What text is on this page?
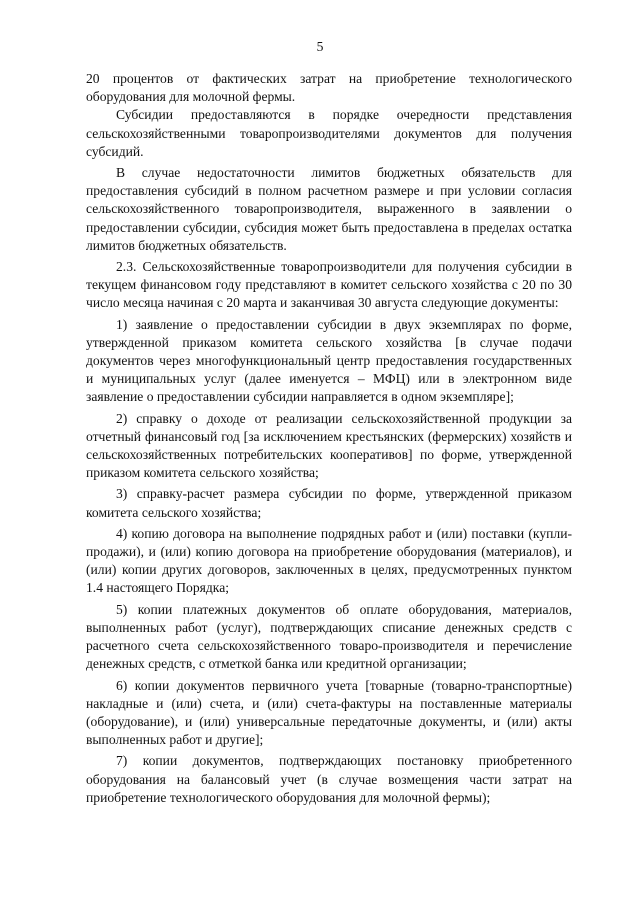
5

20 процентов от фактических затрат на приобретение технологического оборудования для молочной фермы.

Субсидии предоставляются в порядке очередности представления сельскохозяйственными товаропроизводителями документов для получения субсидий.

В случае недостаточности лимитов бюджетных обязательств для предоставления субсидий в полном расчетном размере и при условии согласия сельскохозяйственного товаропроизводителя, выраженного в заявлении о предоставлении субсидии, субсидия может быть предоставлена в пределах остатка лимитов бюджетных обязательств.

2.3. Сельскохозяйственные товаропроизводители для получения субсидии в текущем финансовом году представляют в комитет сельского хозяйства с 20 по 30 число месяца начиная с 20 марта и заканчивая 30 августа следующие документы:

1) заявление о предоставлении субсидии в двух экземплярах по форме, утвержденной приказом комитета сельского хозяйства [в случае подачи документов через многофункциональный центр предоставления государственных и муниципальных услуг (далее именуется – МФЦ) или в электронном виде заявление о предоставлении субсидии направляется в одном экземпляре];

2) справку о доходе от реализации сельскохозяйственной продукции за отчетный финансовый год [за исключением крестьянских (фермерских) хозяйств и сельскохозяйственных потребительских кооперативов] по форме, утвержденной приказом комитета сельского хозяйства;

3) справку-расчет размера субсидии по форме, утвержденной приказом комитета сельского хозяйства;

4) копию договора на выполнение подрядных работ и (или) поставки (купли-продажи), и (или) копию договора на приобретение оборудования (материалов), и (или) копии других договоров, заключенных в целях, предусмотренных пунктом 1.4 настоящего Порядка;

5) копии платежных документов об оплате оборудования, материалов, выполненных работ (услуг), подтверждающих списание денежных средств с расчетного счета сельскохозяйственного товаро-производителя и перечисление денежных средств, с отметкой банка или кредитной организации;

6) копии документов первичного учета [товарные (товарно-транспортные) накладные и (или) счета, и (или) счета-фактуры на поставленные материалы (оборудование), и (или) универсальные передаточные документы, и (или) акты выполненных работ и другие];

7) копии документов, подтверждающих постановку приобретенного оборудования на балансовый учет (в случае возмещения части затрат на приобретение технологического оборудования для молочной фермы);
